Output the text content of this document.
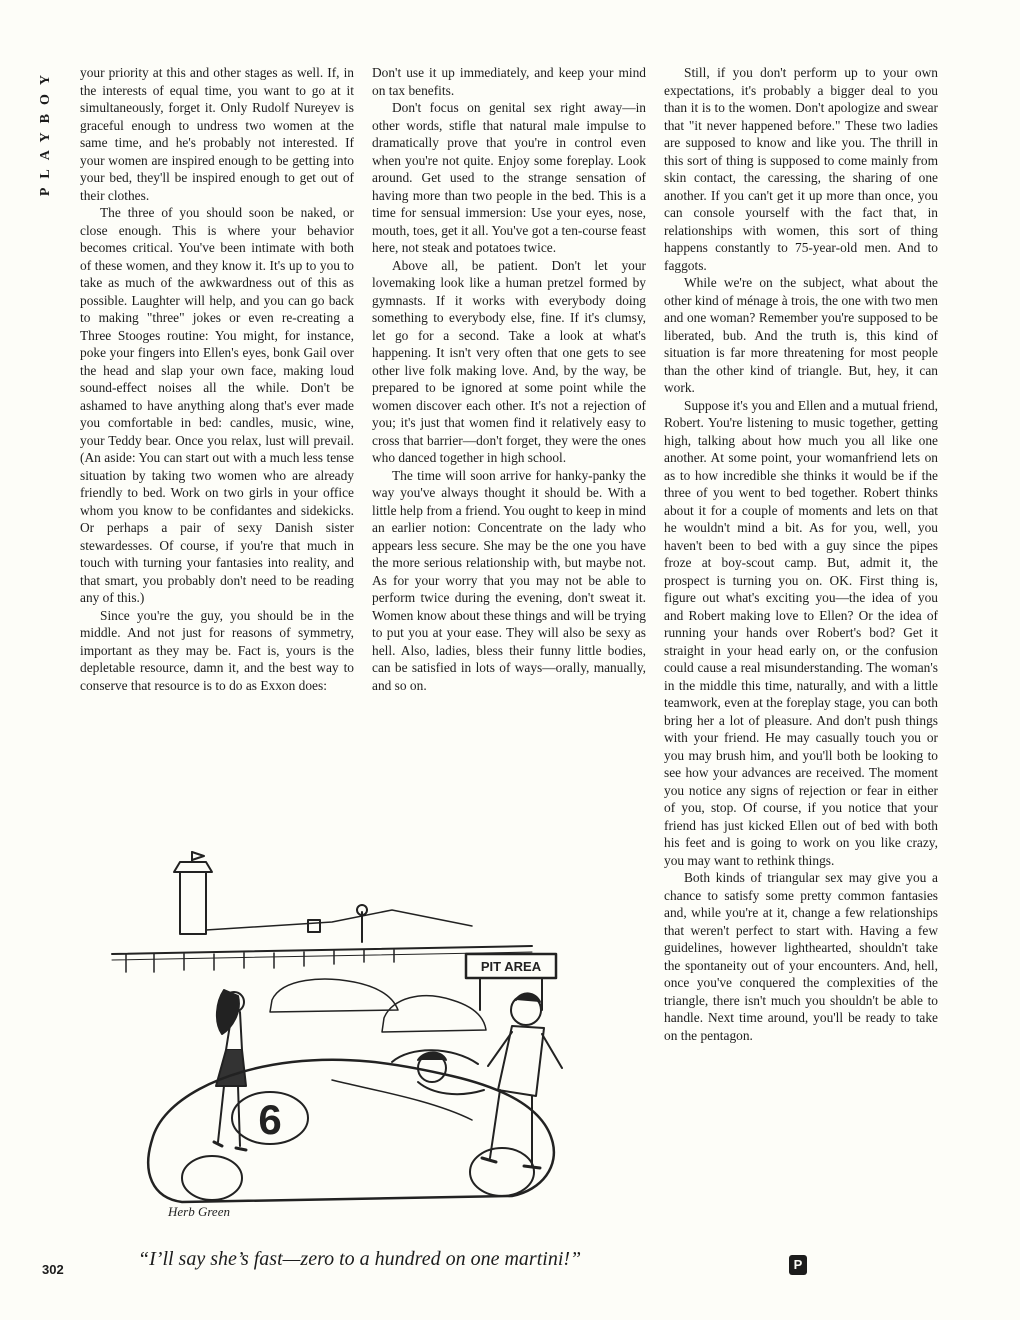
PLAYBOY your priority at this and other stages as well. If, in the interests of equal time, you want to go at it simultaneously, forget it. Only Rudolf Nureyev is graceful enough to undress two women at the same time, and he's probably not interested. If your women are inspired enough to be getting into your bed, they'll be inspired enough to get out of their clothes.

The three of you should soon be naked, or close enough. This is where your behavior becomes critical. You've been intimate with both of these women, and they know it. It's up to you to take as much of the awkwardness out of this as possible. Laughter will help, and you can go back to making "three" jokes or even re-creating a Three Stooges routine: You might, for instance, poke your fingers into Ellen's eyes, bonk Gail over the head and slap your own face, making loud sound-effect noises all the while. Don't be ashamed to have anything along that's ever made you comfortable in bed: candles, music, wine, your Teddy bear. Once you relax, lust will prevail. (An aside: You can start out with a much less tense situation by taking two women who are already friendly to bed. Work on two girls in your office whom you know to be confidantes and sidekicks. Or perhaps a pair of sexy Danish sister stewardesses. Of course, if you're that much in touch with turning your fantasies into reality, and that smart, you probably don't need to be reading any of this.)

Since you're the guy, you should be in the middle. And not just for reasons of symmetry, important as they may be. Fact is, yours is the depletable resource, damn it, and the best way to conserve that resource is to do as Exxon does:

Don't use it up immediately, and keep your mind on tax benefits.

Don't focus on genital sex right away—in other words, stifle that natural male impulse to dramatically prove that you're in control even when you're not quite. Enjoy some foreplay. Look around. Get used to the strange sensation of having more than two people in the bed. This is a time for sensual immersion: Use your eyes, nose, mouth, toes, get it all. You've got a ten-course feast here, not steak and potatoes twice.

Above all, be patient. Don't let your lovemaking look like a human pretzel formed by gymnasts. If it works with everybody doing something to everybody else, fine. If it's clumsy, let go for a second. Take a look at what's happening. It isn't very often that one gets to see other live folk making love. And, by the way, be prepared to be ignored at some point while the women discover each other. It's not a rejection of you; it's just that women find it relatively easy to cross that barrier—don't forget, they were the ones who danced together in high school.

The time will soon arrive for hanky-panky the way you've always thought it should be. With a little help from a friend. You ought to keep in mind an earlier notion: Concentrate on the lady who appears less secure. She may be the one you have the more serious relationship with, but maybe not. As for your worry that you may not be able to perform twice during the evening, don't sweat it. Women know about these things and will be trying to put you at your ease. They will also be sexy as hell. Also, ladies, bless their funny little bodies, can be satisfied in lots of ways—orally, manually, and so on.

Still, if you don't perform up to your own expectations, it's probably a bigger deal to you than it is to the women. Don't apologize and swear that "it never happened before." These two ladies are supposed to know and like you. The thrill in this sort of thing is supposed to come mainly from skin contact, the caressing, the sharing of one another. If you can't get it up more than once, you can console yourself with the fact that, in relationships with women, this sort of thing happens constantly to 75-year-old men. And to faggots.

While we're on the subject, what about the other kind of ménage à trois, the one with two men and one woman? Remember you're supposed to be liberated, bub. And the truth is, this kind of situation is far more threatening for most people than the other kind of triangle. But, hey, it can work.

Suppose it's you and Ellen and a mutual friend, Robert. You're listening to music together, getting high, talking about how much you all like one another. At some point, your womanfriend lets on as to how incredible she thinks it would be if the three of you went to bed together. Robert thinks about it for a couple of moments and lets on that he wouldn't mind a bit. As for you, well, you haven't been to bed with a guy since the pipes froze at boy-scout camp. But, admit it, the prospect is turning you on. OK. First thing is, figure out what's exciting you—the idea of you and Robert making love to Ellen? Or the idea of running your hands over Robert's bod? Get it straight in your head early on, or the confusion could cause a real misunderstanding. The woman's in the middle this time, naturally, and with a little teamwork, even at the foreplay stage, you can both bring her a lot of pleasure. And don't push things with your friend. He may casually touch you or you may brush him, and you'll both be looking to see how your advances are received. The moment you notice any signs of rejection or fear in either of you, stop. Of course, if you notice that your friend has just kicked Ellen out of bed with both his feet and is going to work on you like crazy, you may want to rethink things.

Both kinds of triangular sex may give you a chance to satisfy some pretty common fantasies and, while you're at it, change a few relationships that weren't perfect to start with. Having a few guidelines, however lighthearted, shouldn't take the spontaneity out of your encounters. And, hell, once you've conquered the complexities of the triangle, there isn't much you shouldn't be able to handle. Next time around, you'll be ready to take on the pentagon.

PIT AREA
6
Herb Green
“I’ll say she’s fast—zero to a hundred on one martini!”
302	P
